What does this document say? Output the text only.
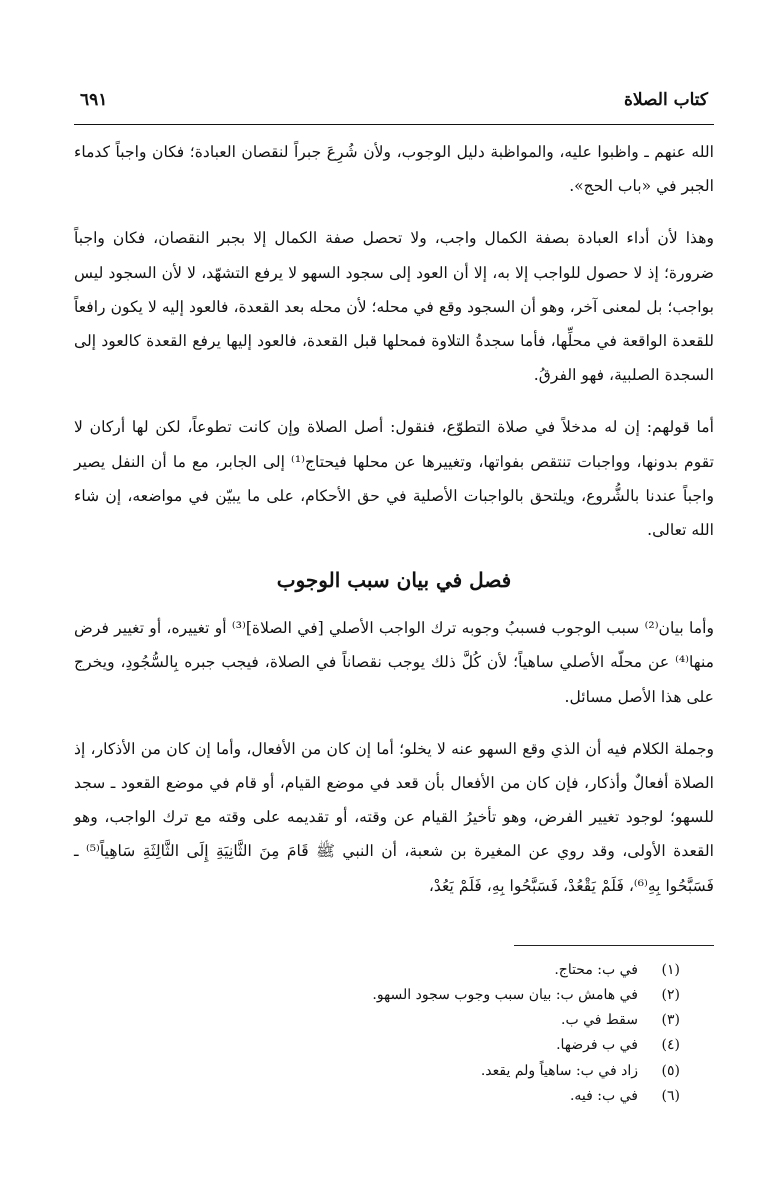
كتاب الصلاة
٦٩١

الله عنهم ـ واظبوا عليه، والمواظبة دليل الوجوب، ولأن شُرِعَ جبراً لنقصان العبادة؛ فكان واجباً كدماء الجبر في «باب الحج».

وهذا لأن أداء العبادة بصفة الكمال واجب، ولا تحصل صفة الكمال إلا بجبر النقصان، فكان واجباً ضرورة؛ إذ لا حصول للواجب إلا به، إلا أن العود إلى سجود السهو لا يرفع التشهّد، لا لأن السجود ليس بواجب؛ بل لمعنى آخر، وهو أن السجود وقع في محله؛ لأن محله بعد القعدة، فالعود إليه لا يكون رافعاً للقعدة الواقعة في محلِّها، فأما سجدةُ التلاوة فمحلها قبل القعدة، فالعود إليها يرفع القعدة كالعود إلى السجدة الصلبية، فهو الفرقُ.

أما قولهم: إن له مدخلاً في صلاة التطوّع، فنقول: أصل الصلاة وإن كانت تطوعاً، لكن لها أركان لا تقوم بدونها، وواجبات تنتقص بفواتها، وتغييرها عن محلها فيحتاج⁽¹⁾ إلى الجابر، مع ما أن النفل يصير واجباً عندنا بالشُّروع، ويلتحق بالواجبات الأصلية في حق الأحكام، على ما يبيّن في مواضعه، إن شاء الله تعالى.

فصل في بيان سبب الوجوب

وأما بيان⁽²⁾ سبب الوجوب فسببُ وجوبه ترك الواجب الأصلي [في الصلاة]⁽³⁾ أو تغييره، أو تغيير فرض منها⁽⁴⁾ عن محلّه الأصلي ساهياً؛ لأن كُلَّ ذلك يوجب نقصاناً في الصلاة، فيجب جبره بِالسُّجُودِ، ويخرج على هذا الأصل مسائل.

وجملة الكلام فيه أن الذي وقع السهو عنه لا يخلو؛ أما إن كان من الأفعال، وأما إن كان من الأذكار، إذ الصلاة أفعالٌ وأذكار، فإن كان من الأفعال بأن قعد في موضع القيام، أو قام في موضع القعود ـ سجد للسهو؛ لوجود تغيير الفرض، وهو تأخيرُ القيام عن وقته، أو تقديمه على وقته مع ترك الواجب، وهو القعدة الأولى، وقد روي عن المغيرة بن شعبة، أن النبي ﷺ قَامَ مِنَ الثَّانِيَةِ إِلَى الثَّالِثَةِ سَاهِياً⁽⁵⁾ ـ فَسَبَّحُوا بِهِ⁽⁶⁾، فَلَمْ يَقْعُدْ، فَسَبَّحُوا بِهِ، فَلَمْ يَعُدْ،

(١)
في ب: محتاج.
(٢)
في هامش ب: بيان سبب وجوب سجود السهو.
(٣)
سقط في ب.
(٤)
في ب فرضها.
(٥)
زاد في ب: ساهياً ولم يقعد.
(٦)
في ب: فيه.
